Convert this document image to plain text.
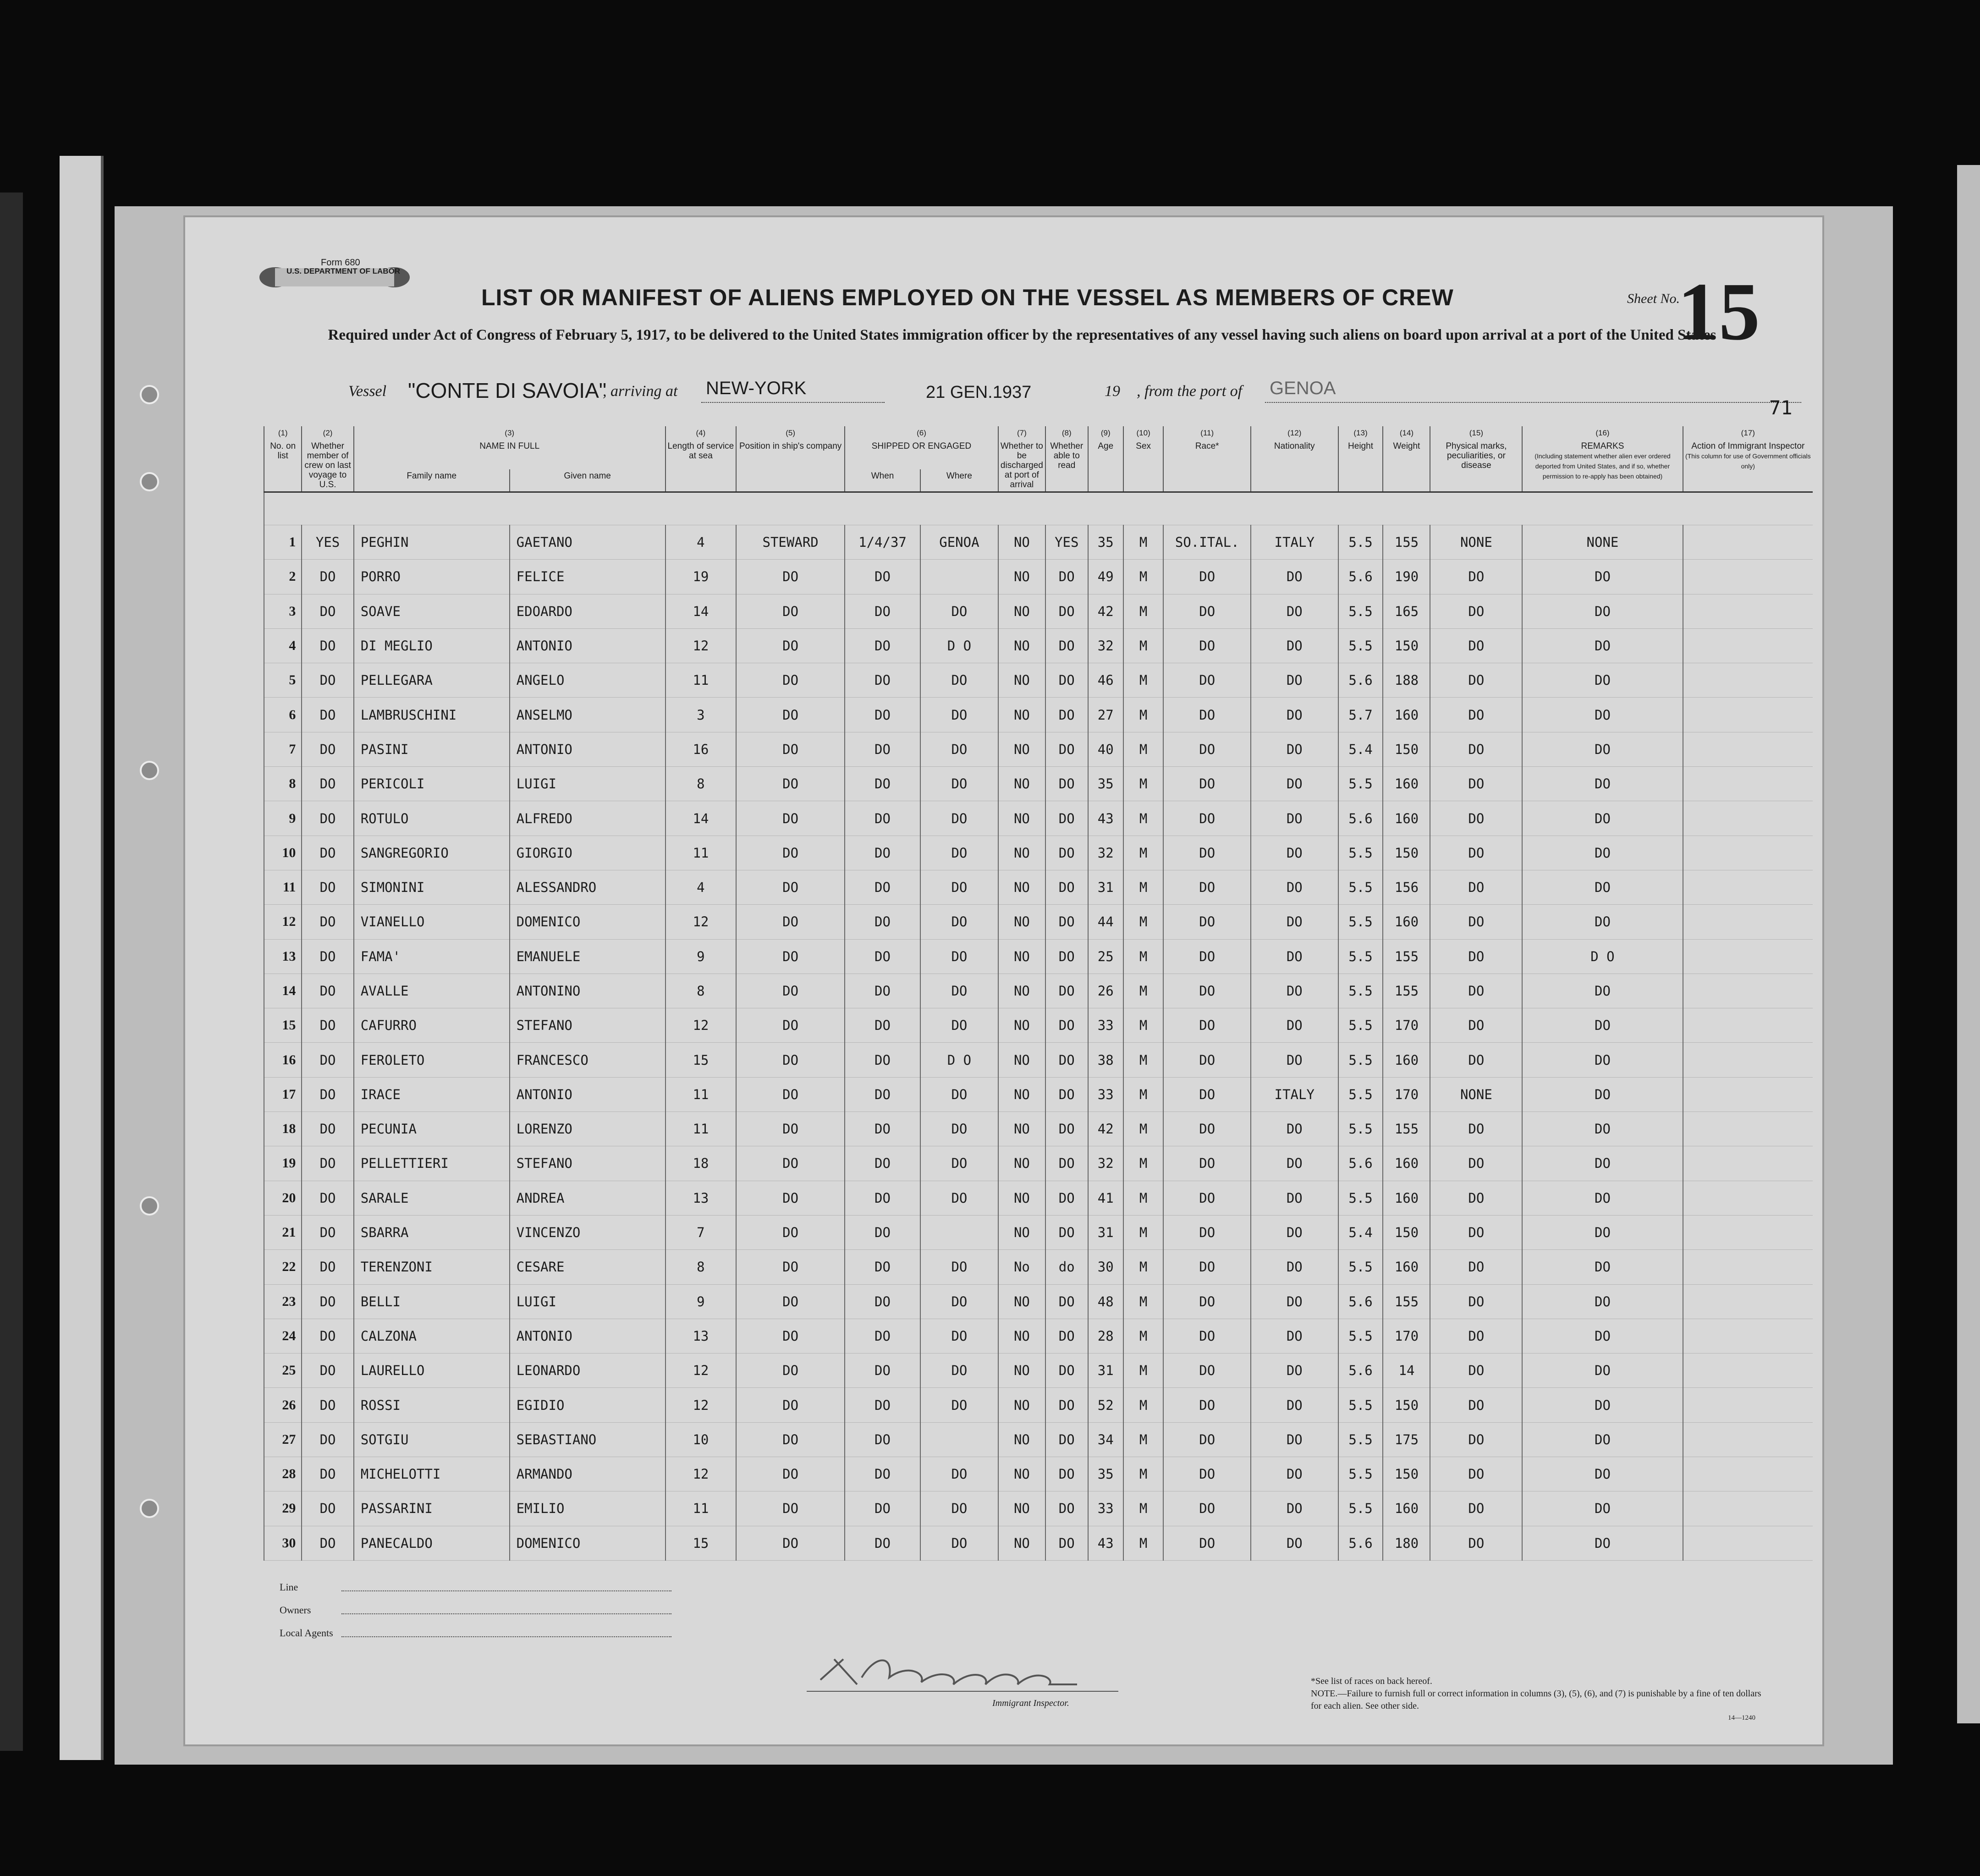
Form 680
U.S. DEPARTMENT OF LABOR
LIST OR MANIFEST OF ALIENS EMPLOYED ON THE VESSEL AS MEMBERS OF CREW
Required under Act of Congress of February 5, 1917, to be delivered to the United States immigration officer by the representatives of any vessel having such aliens on board upon arrival at a port of the United States
Sheet No.
15
Vessel "CONTE DI SAVOIA"
, arriving at NEW-YORK	21 GEN.1937	19 , from the port of GENOA
71
(1)
No. on list	(2)
Whether member of crew on last voyage to U.S.	(3)
NAME IN FULL		(4)
Length of service at sea	(5)
Position in ship's company	(6)
SHIPPED OR ENGAGED		(7)
Whether to be discharged at port of arrival	(8)
Whether able to read	(9)
Age	(10)
Sex	(11)
Race*	(12)
Nationality	(13)
Height	(14)
Weight	(15)
Physical marks, peculiarities, or disease	(16)
REMARKS
(Including statement whether alien ever ordered deported from United States, and if so, whether permission to re-apply has been obtained)	(17)
Action of Immigrant Inspector
(This column for use of Government officials only)
		Family name	Given name			When	Where											

1	YES	PEGHIN	GAETANO	4	STEWARD	1/4/37	GENOA	NO	YES	35	M	SO.ITAL.	ITALY	5.5	155	NONE	NONE	
2	DO	PORRO	FELICE	19	DO	DO		NO	DO	49	M	DO	DO	5.6	190	DO	DO	
3	DO	SOAVE	EDOARDO	14	DO	DO	DO	NO	DO	42	M	DO	DO	5.5	165	DO	DO	
4	DO	DI MEGLIO	ANTONIO	12	DO	DO	D O	NO	DO	32	M	DO	DO	5.5	150	DO	DO	
5	DO	PELLEGARA	ANGELO	11	DO	DO	DO	NO	DO	46	M	DO	DO	5.6	188	DO	DO	
6	DO	LAMBRUSCHINI	ANSELMO	3	DO	DO	DO	NO	DO	27	M	DO	DO	5.7	160	DO	DO	
7	DO	PASINI	ANTONIO	16	DO	DO	DO	NO	DO	40	M	DO	DO	5.4	150	DO	DO	
8	DO	PERICOLI	LUIGI	8	DO	DO	DO	NO	DO	35	M	DO	DO	5.5	160	DO	DO	
9	DO	ROTULO	ALFREDO	14	DO	DO	DO	NO	DO	43	M	DO	DO	5.6	160	DO	DO	
10	DO	SANGREGORIO	GIORGIO	11	DO	DO	DO	NO	DO	32	M	DO	DO	5.5	150	DO	DO	
11	DO	SIMONINI	ALESSANDRO	4	DO	DO	DO	NO	DO	31	M	DO	DO	5.5	156	DO	DO	
12	DO	VIANELLO	DOMENICO	12	DO	DO	DO	NO	DO	44	M	DO	DO	5.5	160	DO	DO	
13	DO	FAMA'	EMANUELE	9	DO	DO	DO	NO	DO	25	M	DO	DO	5.5	155	DO	D O	
14	DO	AVALLE	ANTONINO	8	DO	DO	DO	NO	DO	26	M	DO	DO	5.5	155	DO	DO	
15	DO	CAFURRO	STEFANO	12	DO	DO	DO	NO	DO	33	M	DO	DO	5.5	170	DO	DO	
16	DO	FEROLETO	FRANCESCO	15	DO	DO	D O	NO	DO	38	M	DO	DO	5.5	160	DO	DO	
17	DO	IRACE	ANTONIO	11	DO	DO	DO	NO	DO	33	M	DO	ITALY	5.5	170	NONE	DO	
18	DO	PECUNIA	LORENZO	11	DO	DO	DO	NO	DO	42	M	DO	DO	5.5	155	DO	DO	
19	DO	PELLETTIERI	STEFANO	18	DO	DO	DO	NO	DO	32	M	DO	DO	5.6	160	DO	DO	
20	DO	SARALE	ANDREA	13	DO	DO	DO	NO	DO	41	M	DO	DO	5.5	160	DO	DO	
21	DO	SBARRA	VINCENZO	7	DO	DO		NO	DO	31	M	DO	DO	5.4	150	DO	DO	
22	DO	TERENZONI	CESARE	8	DO	DO	DO	No	do	30	M	DO	DO	5.5	160	DO	DO	
23	DO	BELLI	LUIGI	9	DO	DO	DO	NO	DO	48	M	DO	DO	5.6	155	DO	DO	
24	DO	CALZONA	ANTONIO	13	DO	DO	DO	NO	DO	28	M	DO	DO	5.5	170	DO	DO	
25	DO	LAURELLO	LEONARDO	12	DO	DO	DO	NO	DO	31	M	DO	DO	5.6	14	DO	DO	
26	DO	ROSSI	EGIDIO	12	DO	DO	DO	NO	DO	52	M	DO	DO	5.5	150	DO	DO	
27	DO	SOTGIU	SEBASTIANO	10	DO	DO		NO	DO	34	M	DO	DO	5.5	175	DO	DO	
28	DO	MICHELOTTI	ARMANDO	12	DO	DO	DO	NO	DO	35	M	DO	DO	5.5	150	DO	DO	
29	DO	PASSARINI	EMILIO	11	DO	DO	DO	NO	DO	33	M	DO	DO	5.5	160	DO	DO	
30	DO	PANECALDO	DOMENICO	15	DO	DO	DO	NO	DO	43	M	DO	DO	5.6	180	DO	DO	
Line
Owners
Local Agents
Immigrant Inspector.
*See list of races on back hereof.
NOTE.—Failure to furnish full or correct information in columns (3), (5), (6), and (7) is punishable by a fine of ten dollars for each alien. See other side.
14—1240
